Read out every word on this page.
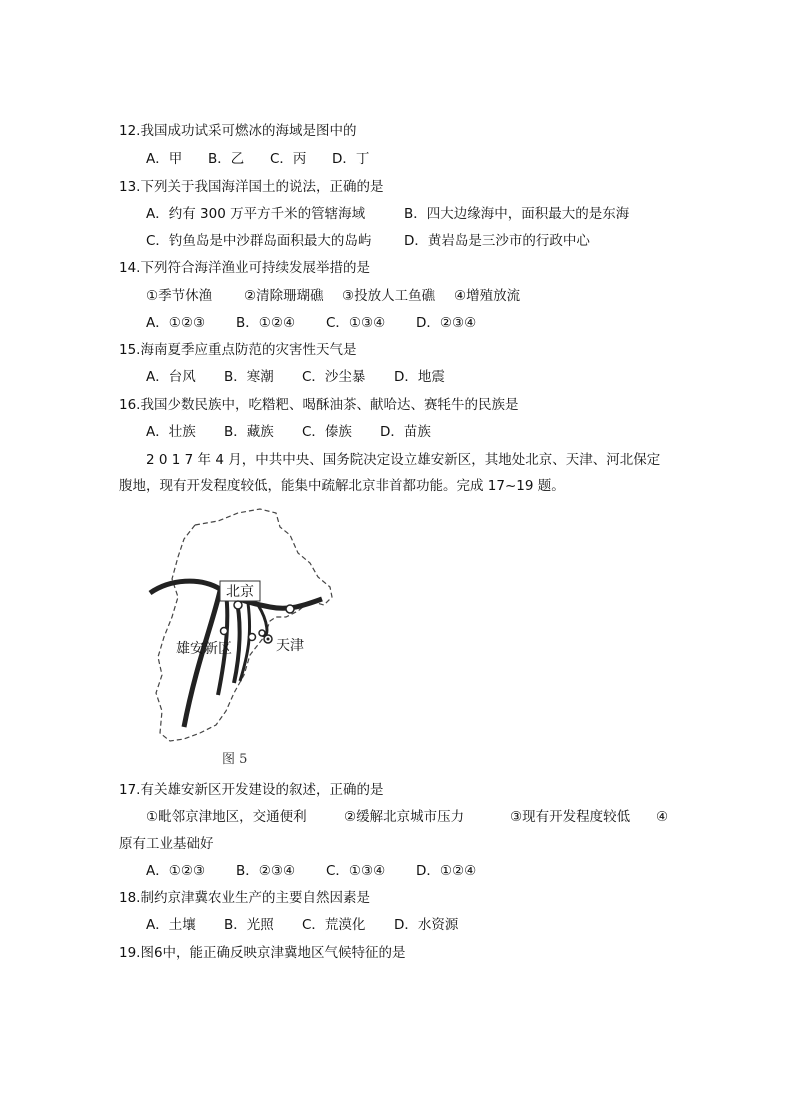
12.我国成功试采可燃冰的海域是图中的
A．甲 B．乙 C．丙 D．丁
13.下列关于我国海洋国土的说法，正确的是
A．约有 300 万平方千米的管辖海域	B．四大边缘海中，面积最大的是东海
C．钓鱼岛是中沙群岛面积最大的岛屿 D．黄岩岛是三沙市的行政中心
14.下列符合海洋渔业可持续发展举措的是
①季节休渔 ②清除珊瑚礁 ③投放人工鱼礁 ④增殖放流
A．①②③ B．①②④ C．①③④ D．②③④
15.海南夏季应重点防范的灾害性天气是
A．台风 B．寒潮 C．沙尘暴 D．地震
16.我国少数民族中，吃糌粑、喝酥油茶、献哈达、赛牦牛的民族是
A．壮族 B．藏族 C．傣族 D．苗族
2 0 1 7 年 4 月，中共中央、国务院决定设立雄安新区，其地处北京、天津、河北保定
腹地，现有开发程度较低，能集中疏解北京非首都功能。完成 17~19 题。
北京
雄安新区	天津
图 5
17.有关雄安新区开发建设的叙述，正确的是
①毗邻京津地区，交通便利	②缓解北京城市压力	③现有开发程度较低 ④
原有工业基础好
A．①②③ B．②③④ C．①③④ D．①②④
18.制约京津冀农业生产的主要自然因素是
A．土壤 B．光照 C．荒漠化 D．水资源
19.图6中，能正确反映京津冀地区气候特征的是
